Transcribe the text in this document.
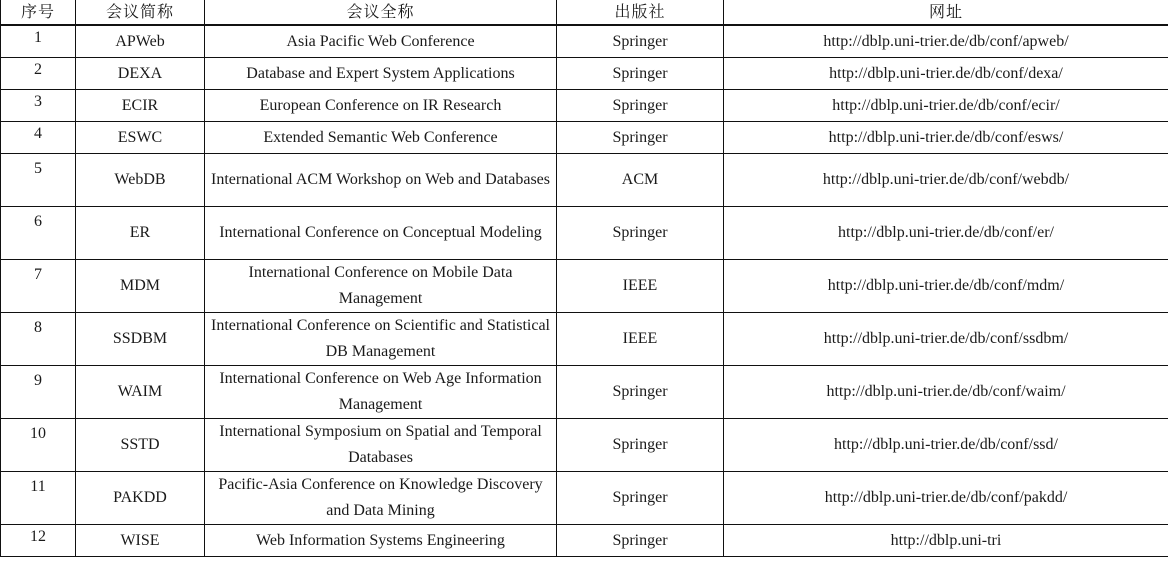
序号	会议简称	会议全称	出版社	网址
1	APWeb	Asia Pacific Web Conference	Springer	http://dblp.uni-trier.de/db/conf/apweb/
2	DEXA	Database and Expert System Applications	Springer	http://dblp.uni-trier.de/db/conf/dexa/
3	ECIR	European Conference on IR Research	Springer	http://dblp.uni-trier.de/db/conf/ecir/
4	ESWC	Extended Semantic Web Conference	Springer	http://dblp.uni-trier.de/db/conf/esws/
5	WebDB	International ACM Workshop on Web and Databases	ACM	http://dblp.uni-trier.de/db/conf/webdb/
6	ER	International Conference on Conceptual Modeling	Springer	http://dblp.uni-trier.de/db/conf/er/
7	MDM	International Conference on Mobile Data Management	IEEE	http://dblp.uni-trier.de/db/conf/mdm/
8	SSDBM	International Conference on Scientific and Statistical DB Management	IEEE	http://dblp.uni-trier.de/db/conf/ssdbm/
9	WAIM	International Conference on Web Age Information Management	Springer	http://dblp.uni-trier.de/db/conf/waim/
10	SSTD	International Symposium on Spatial and Temporal Databases	Springer	http://dblp.uni-trier.de/db/conf/ssd/
11	PAKDD	Pacific-Asia Conference on Knowledge Discovery and Data Mining	Springer	http://dblp.uni-trier.de/db/conf/pakdd/
12	WISE	Web Information Systems Engineering	Springer	http://dblp.uni-tri
